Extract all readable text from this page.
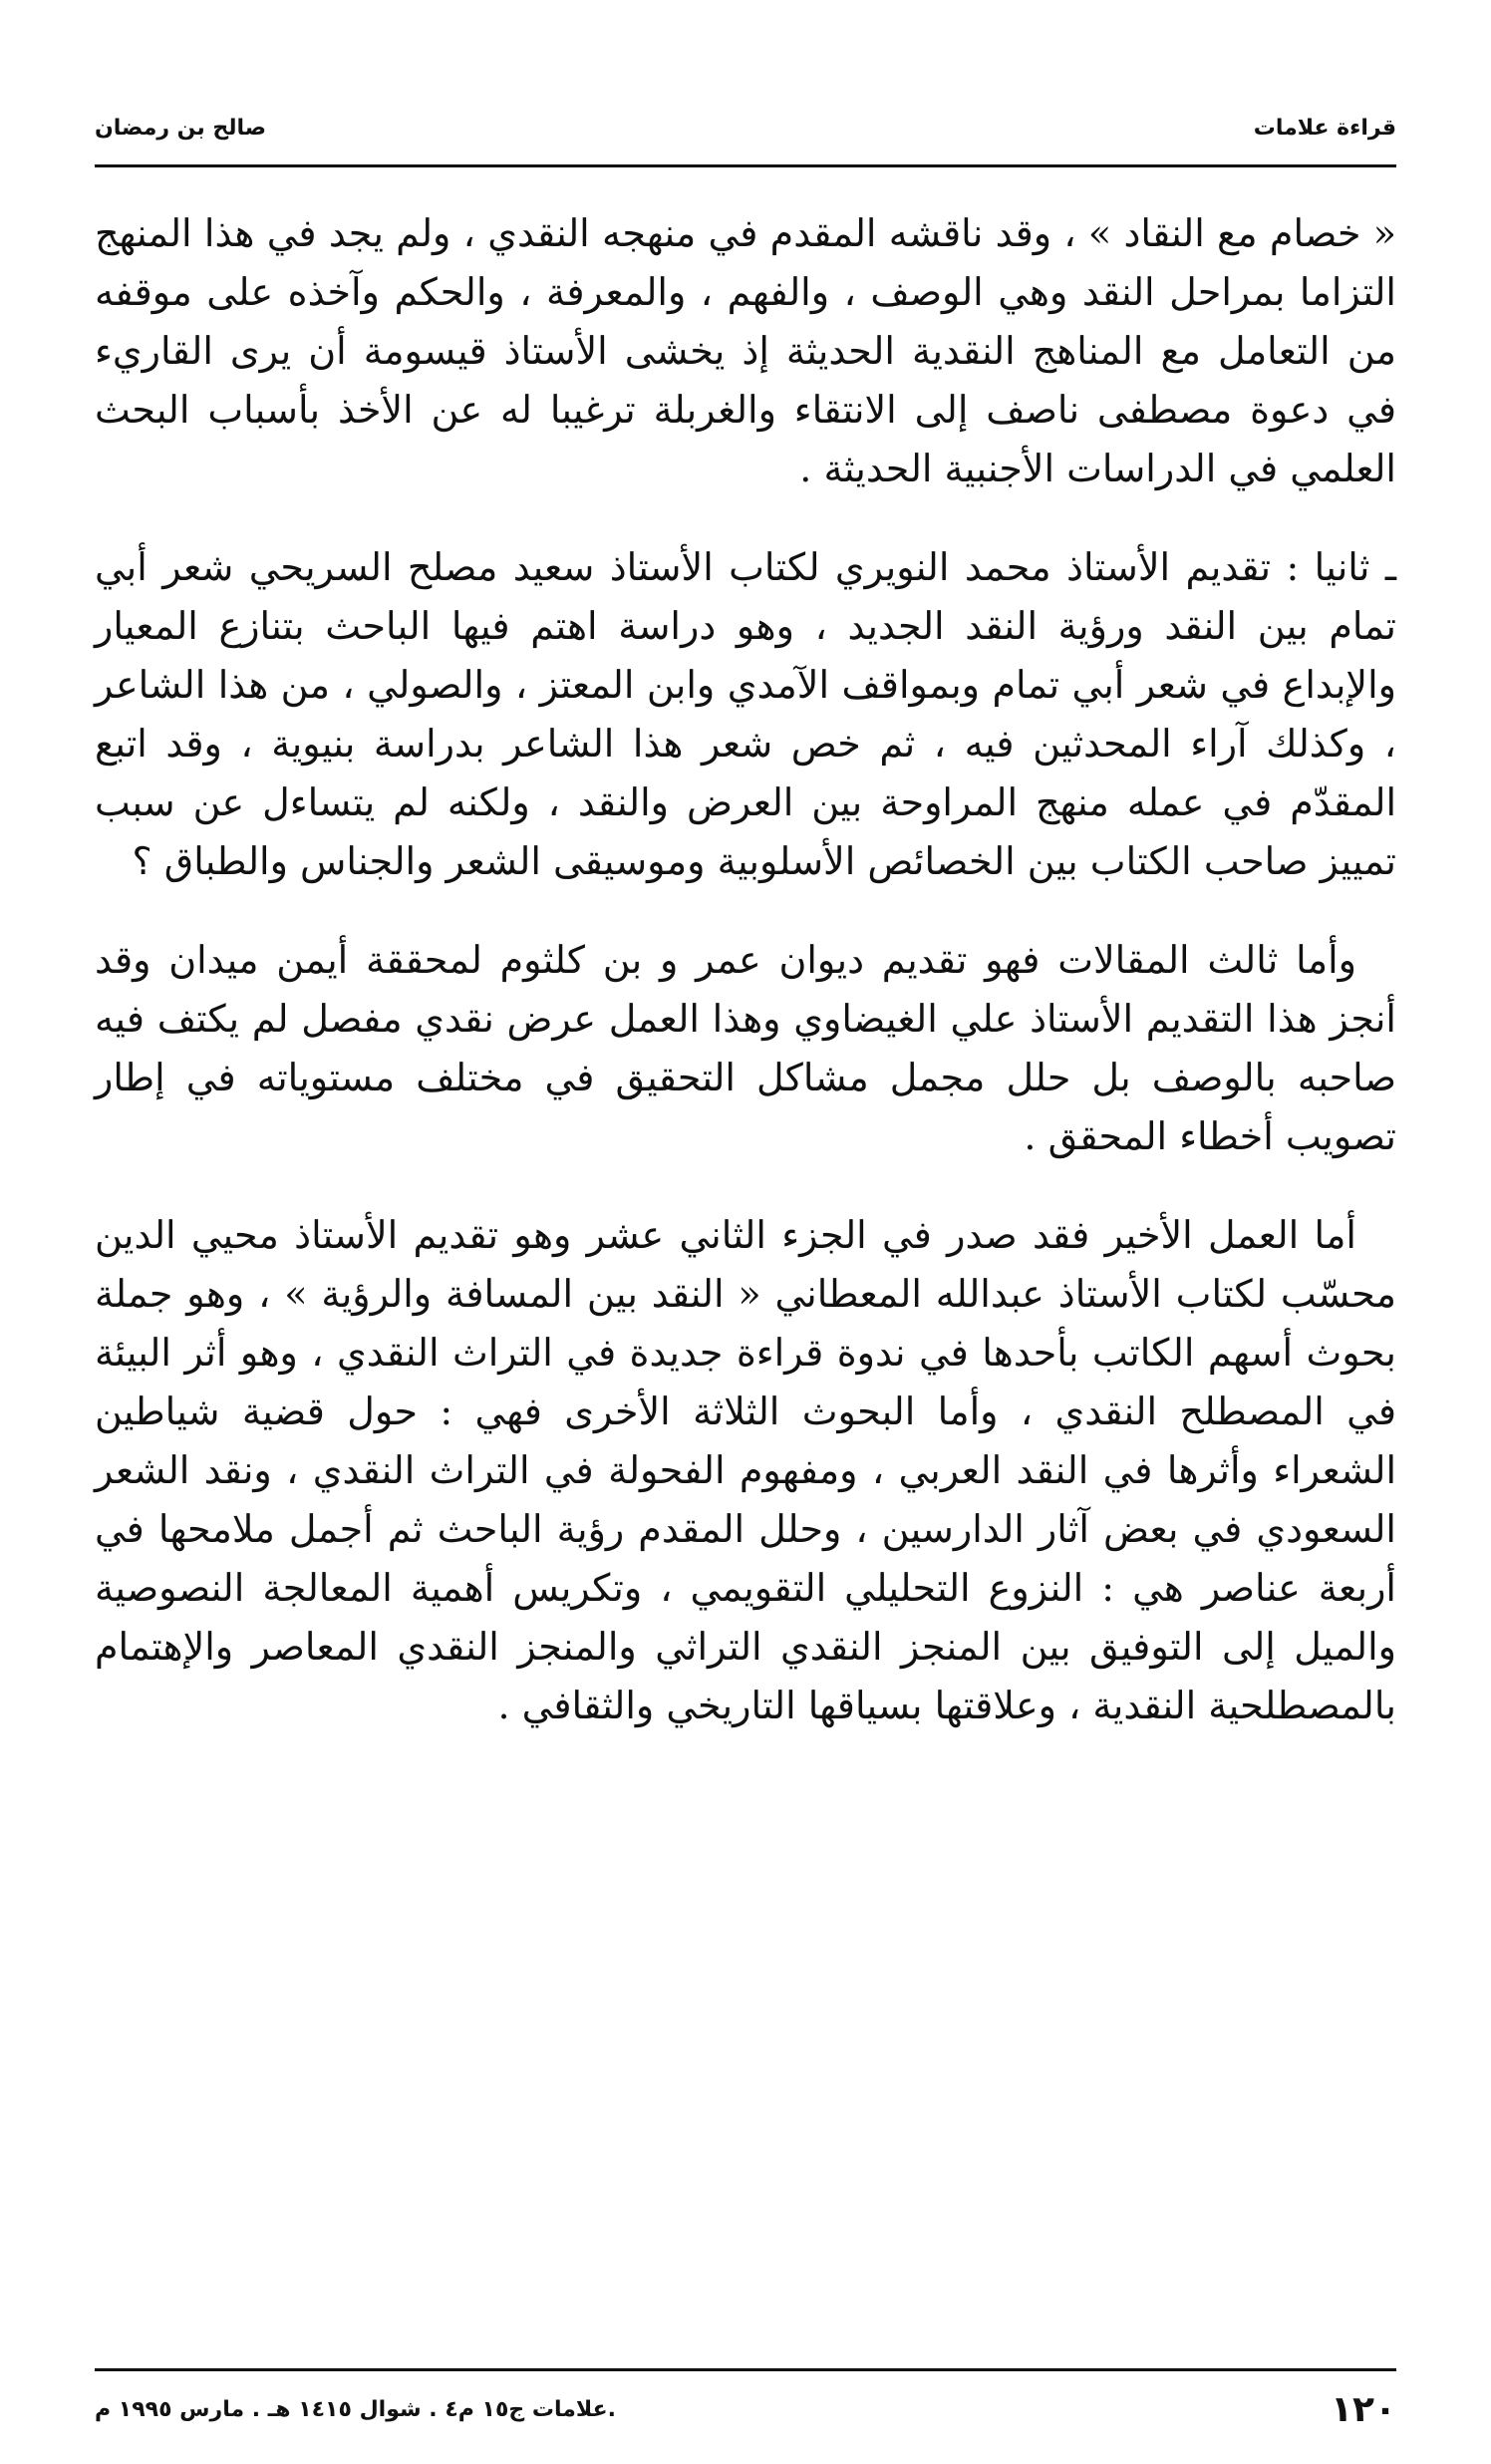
قراءة علامات
صالح بن رمضان

« خصام مع النقاد » ، وقد ناقشه المقدم في منهجه النقدي ، ولم يجد في هذا المنهج التزاما بمراحل النقد وهي الوصف ، والفهم ، والمعرفة ، والحكم وآخذه على موقفه من التعامل مع المناهج النقدية الحديثة إذ يخشى الأستاذ قيسومة أن يرى القاريء في دعوة مصطفى ناصف إلى الانتقاء والغربلة ترغيبا له عن الأخذ بأسباب البحث العلمي في الدراسات الأجنبية الحديثة .

ـ ثانيا : تقديم الأستاذ محمد النويري لكتاب الأستاذ سعيد مصلح السريحي شعر أبي تمام بين النقد ورؤية النقد الجديد ، وهو دراسة اهتم فيها الباحث بتنازع المعيار والإبداع في شعر أبي تمام وبمواقف الآمدي وابن المعتز ، والصولي ، من هذا الشاعر ، وكذلك آراء المحدثين فيه ، ثم خص شعر هذا الشاعر بدراسة بنيوية ، وقد اتبع المقدّم في عمله منهج المراوحة بين العرض والنقد ، ولكنه لم يتساءل عن سبب تمييز صاحب الكتاب بين الخصائص الأسلوبية وموسيقى الشعر والجناس والطباق ؟

وأما ثالث المقالات فهو تقديم ديوان عمر و بن كلثوم لمحققة أيمن ميدان وقد أنجز هذا التقديم الأستاذ علي الغيضاوي وهذا العمل عرض نقدي مفصل لم يكتف فيه صاحبه بالوصف بل حلل مجمل مشاكل التحقيق في مختلف مستوياته في إطار تصويب أخطاء المحقق .

أما العمل الأخير فقد صدر في الجزء الثاني عشر وهو تقديم الأستاذ محيي الدين محسّب لكتاب الأستاذ عبدالله المعطاني « النقد بين المسافة والرؤية » ، وهو جملة بحوث أسهم الكاتب بأحدها في ندوة قراءة جديدة في التراث النقدي ، وهو أثر البيئة في المصطلح النقدي ، وأما البحوث الثلاثة الأخرى فهي : حول قضية شياطين الشعراء وأثرها في النقد العربي ، ومفهوم الفحولة في التراث النقدي ، ونقد الشعر السعودي في بعض آثار الدارسين ، وحلل المقدم رؤية الباحث ثم أجمل ملامحها في أربعة عناصر هي : النزوع التحليلي التقويمي ، وتكريس أهمية المعالجة النصوصية والميل إلى التوفيق بين المنجز النقدي التراثي والمنجز النقدي المعاصر والإهتمام بالمصطلحية النقدية ، وعلاقتها بسياقها التاريخي والثقافي .

١٢٠
.علامات ج١٥ م٤ . شوال ١٤١٥ هـ . مارس ١٩٩٥ م
